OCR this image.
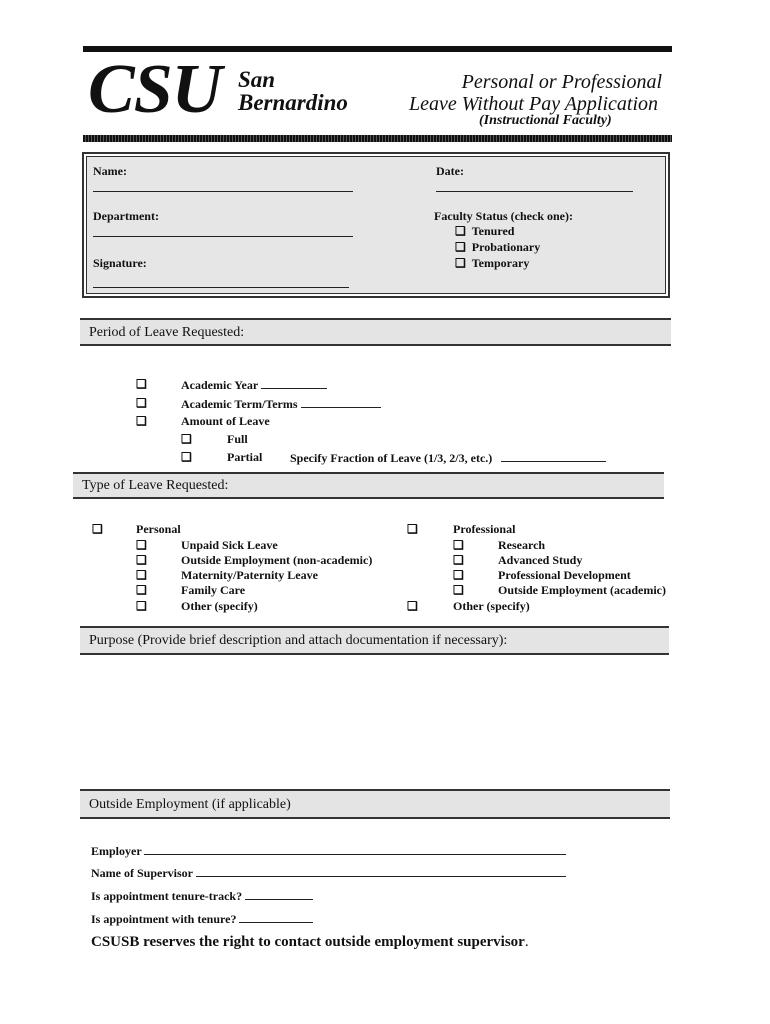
CSU San
Bernardino
Personal or Professional
Leave Without Pay Application
(Instructional Faculty)
Name:	Date:
Department:
Signature:
Faculty Status (check one):
❑ Tenured
❑ Probationary
❑ Temporary
Period of Leave Requested:
❑	Academic Year
❑	Academic Term/Terms
❑	Amount of Leave
❑	Full
❑	Partial Specify Fraction of Leave (1/3, 2/3, etc.)
Type of Leave Requested:
❑	Personal
❑	Unpaid Sick Leave
❑	Outside Employment (non-academic)
❑	Maternity/Paternity Leave
❑	Family Care
❑	Other (specify)
❑	Professional
❑	Research
❑	Advanced Study
❑	Professional Development
❑	Outside Employment (academic)
❑	Other (specify)
Purpose (Provide brief description and attach documentation if necessary):
Outside Employment (if applicable)
Employer
Name of Supervisor
Is appointment tenure-track?
Is appointment with tenure?
CSUSB reserves the right to contact outside employment supervisor.
